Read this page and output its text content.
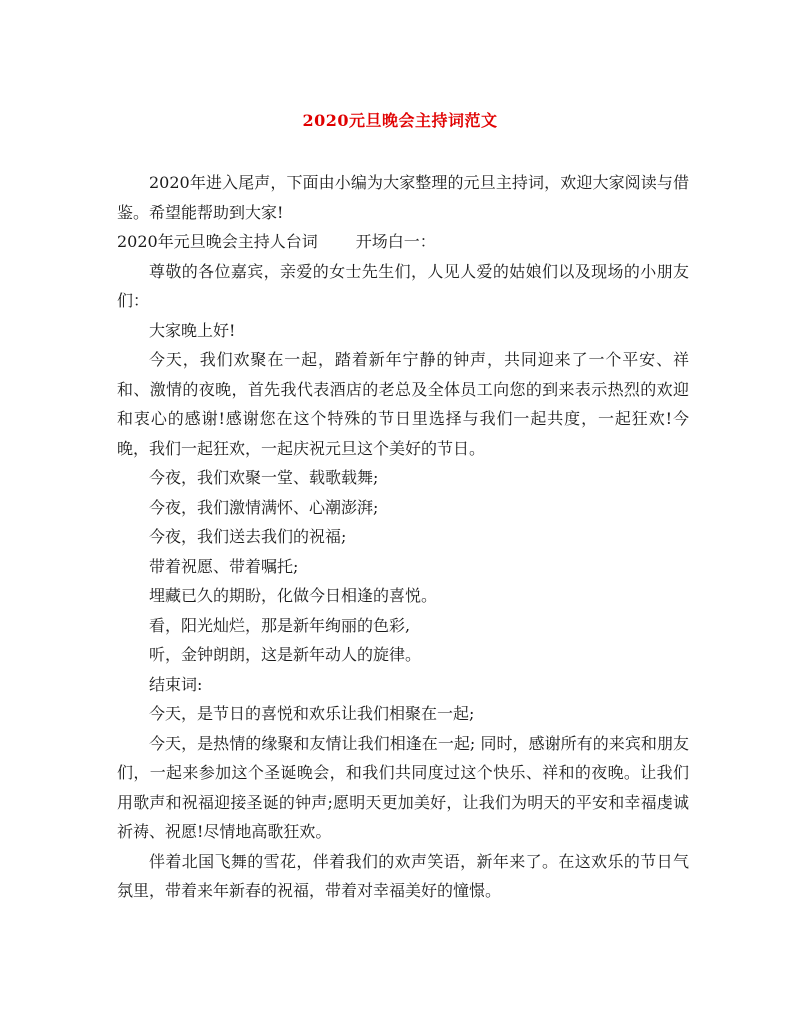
2020元旦晚会主持词范文

2020年进入尾声，下面由小编为大家整理的元旦主持词，欢迎大家阅读与借鉴。希望能帮助到大家!

2020年元旦晚会主持人台词 开场白一：

尊敬的各位嘉宾，亲爱的女士先生们，人见人爱的姑娘们以及现场的小朋友们：

大家晚上好!

今天，我们欢聚在一起，踏着新年宁静的钟声，共同迎来了一个平安、祥和、激情的夜晚，首先我代表酒店的老总及全体员工向您的到来表示热烈的欢迎和衷心的感谢!感谢您在这个特殊的节日里选择与我们一起共度，一起狂欢!今晚，我们一起狂欢，一起庆祝元旦这个美好的节日。

今夜，我们欢聚一堂、载歌载舞;

今夜，我们激情满怀、心潮澎湃;

今夜，我们送去我们的祝福;

带着祝愿、带着嘱托;

埋藏已久的期盼，化做今日相逢的喜悦。

看，阳光灿烂，那是新年绚丽的色彩,

听，金钟朗朗，这是新年动人的旋律。

结束词:

今天，是节日的喜悦和欢乐让我们相聚在一起;

今天，是热情的缘聚和友情让我们相逢在一起; 同时，感谢所有的来宾和朋友们，一起来参加这个圣诞晚会，和我们共同度过这个快乐、祥和的夜晚。让我们用歌声和祝福迎接圣诞的钟声;愿明天更加美好，让我们为明天的平安和幸福虔诚祈祷、祝愿!尽情地高歌狂欢。

伴着北国飞舞的雪花，伴着我们的欢声笑语，新年来了。在这欢乐的节日气氛里，带着来年新春的祝福，带着对幸福美好的憧憬。
